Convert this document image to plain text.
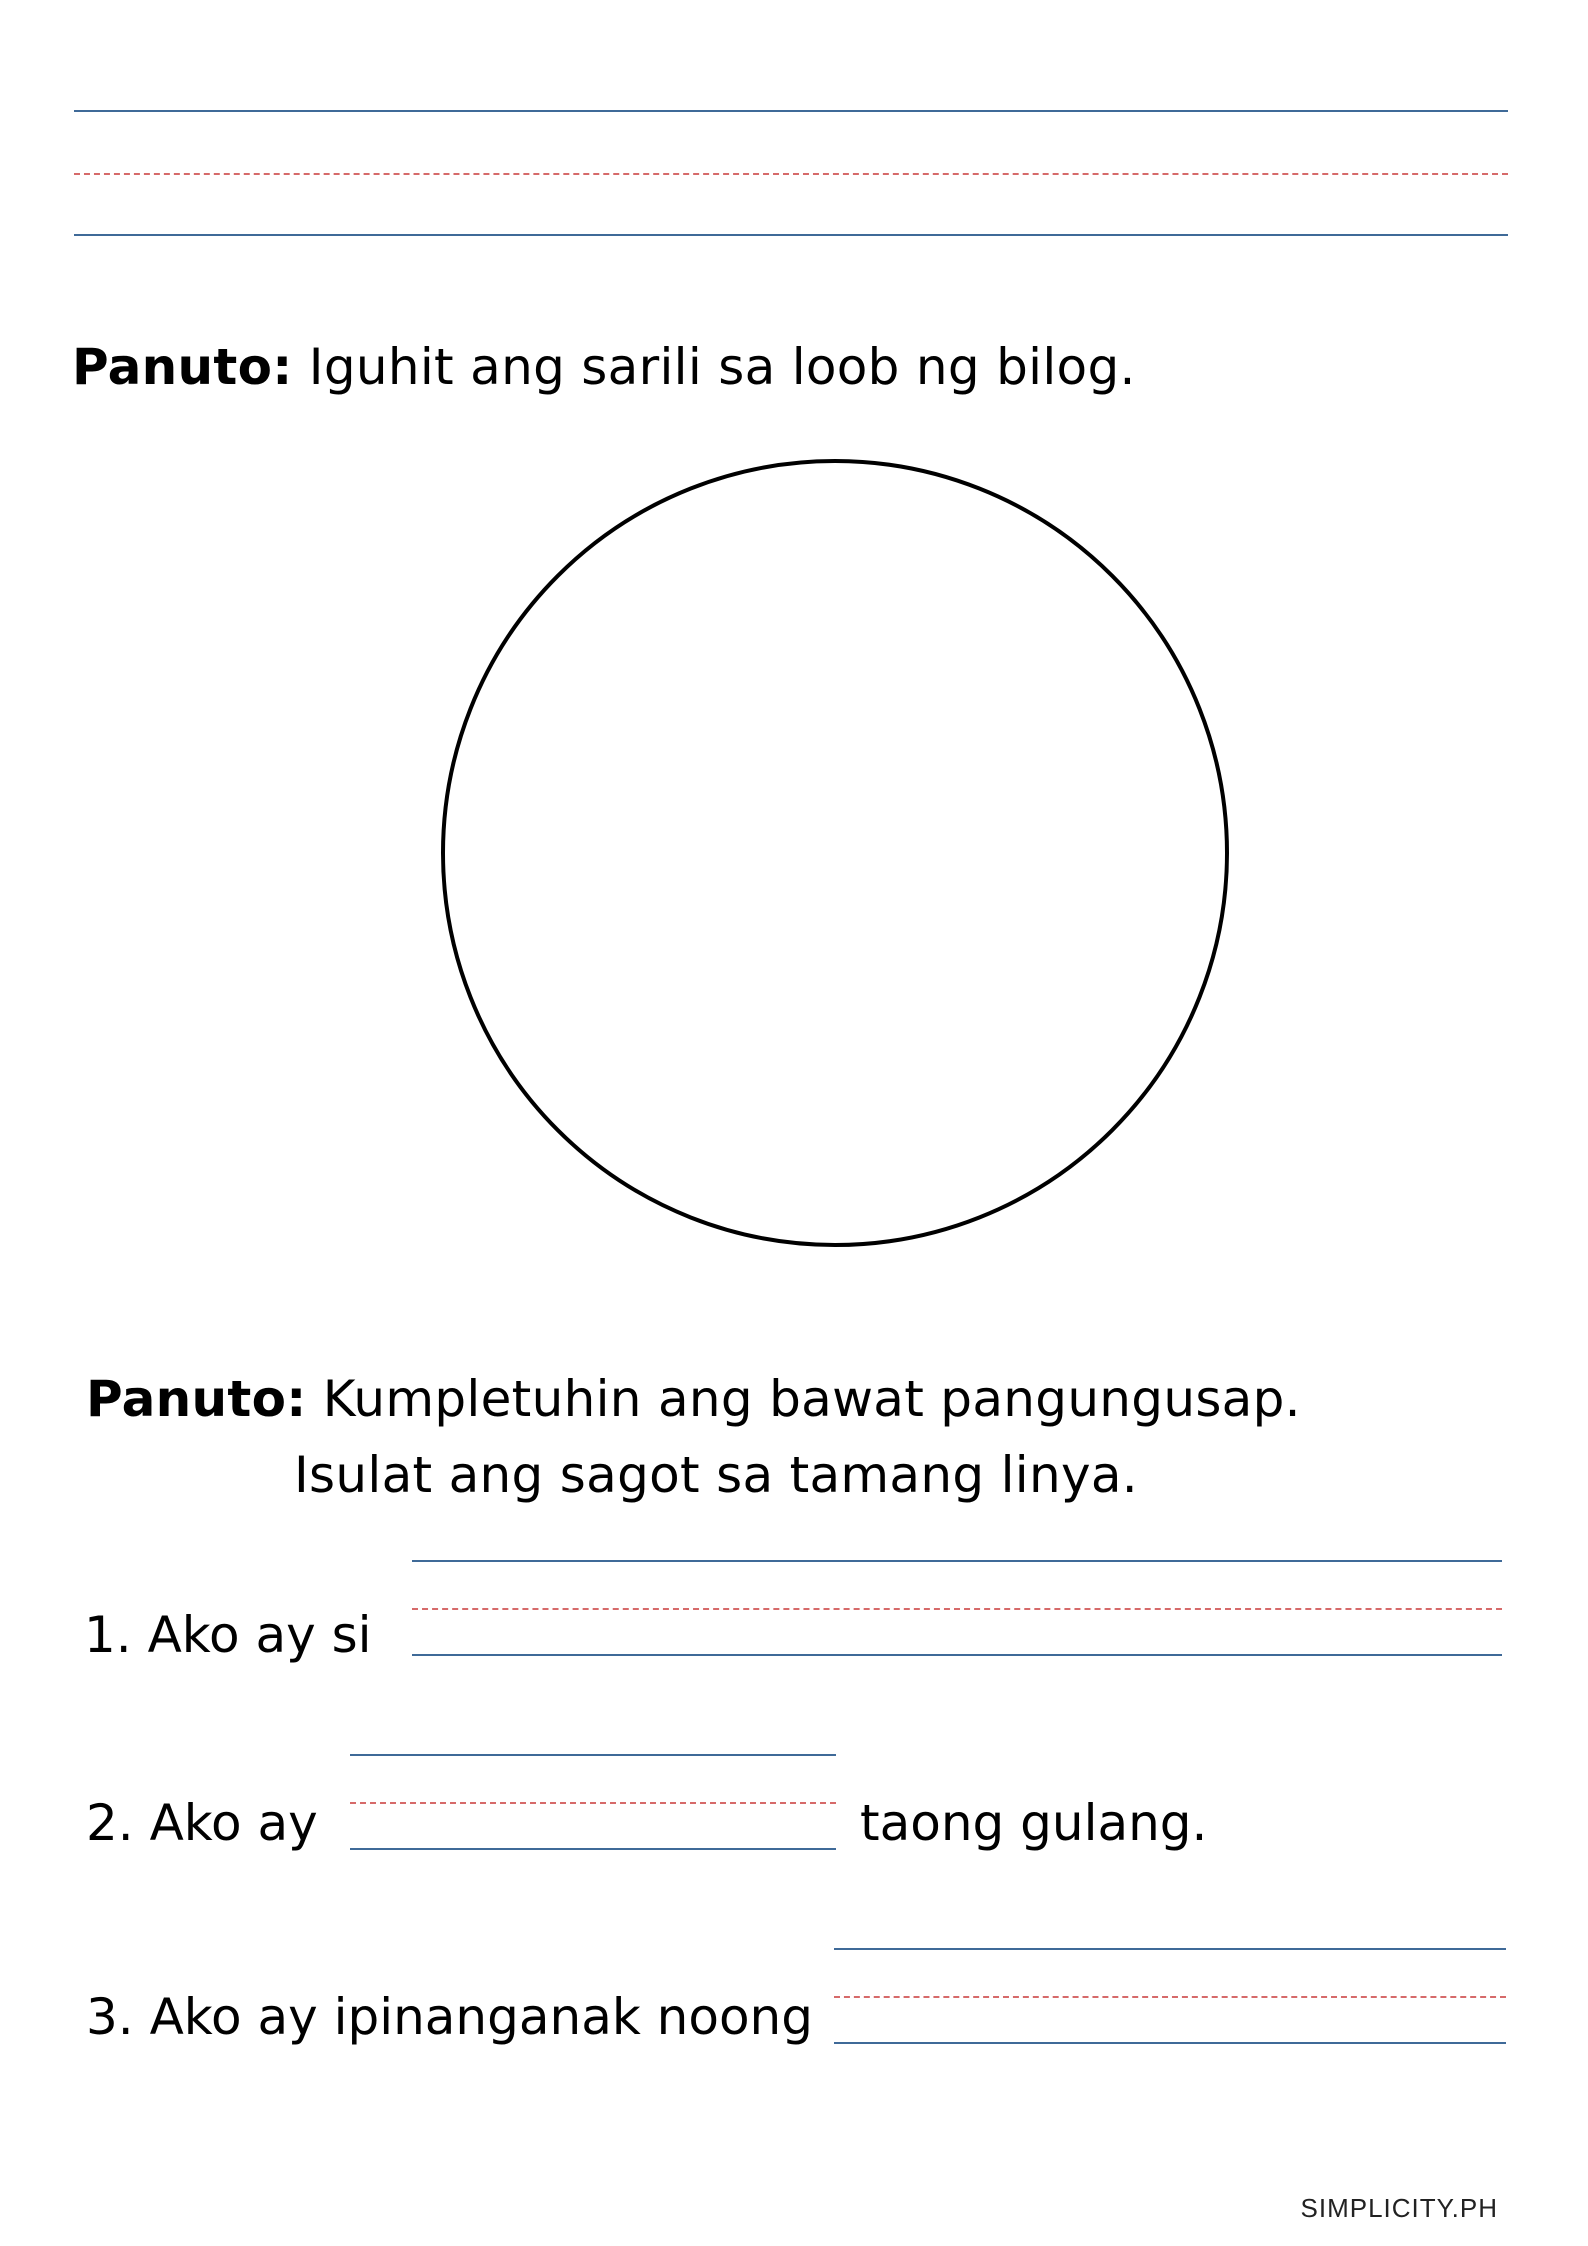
Panuto: Iguhit ang sarili sa loob ng bilog.
Panuto: Kumpletuhin ang bawat pangungusap.
Isulat ang sagot sa tamang linya.
1. Ako ay si
2. Ako ay	taong gulang.
3. Ako ay ipinanganak noong
SIMPLICITY.PH
